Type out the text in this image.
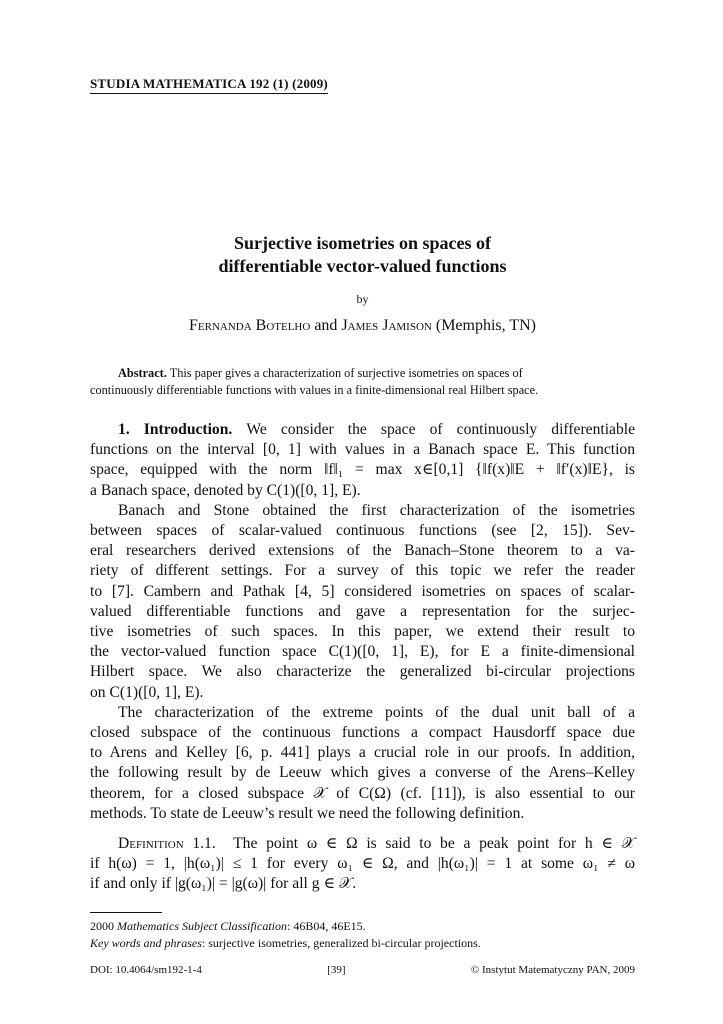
STUDIA MATHEMATICA 192 (1) (2009)
Surjective isometries on spaces of
differentiable vector-valued functions
by
Fernanda Botelho and James Jamison (Memphis, TN)
Abstract. This paper gives a characterization of surjective isometries on spaces of
continuously differentiable functions with values in a finite-dimensional real Hilbert space.
1. Introduction. We consider the space of continuously differentiable
functions on the interval [0, 1] with values in a Banach space E. This function
space, equipped with the norm ‖f‖₁ = max x∈[0,1] {‖f(x)‖E + ‖f′(x)‖E}, is
a Banach space, denoted by C(1)([0, 1], E).
Banach and Stone obtained the first characterization of the isometries
between spaces of scalar-valued continuous functions (see [2, 15]). Sev-
eral researchers derived extensions of the Banach–Stone theorem to a va-
riety of different settings. For a survey of this topic we refer the reader
to [7]. Cambern and Pathak [4, 5] considered isometries on spaces of scalar-
valued differentiable functions and gave a representation for the surjec-
tive isometries of such spaces. In this paper, we extend their result to
the vector-valued function space C(1)([0, 1], E), for E a finite-dimensional
Hilbert space. We also characterize the generalized bi-circular projections
on C(1)([0, 1], E).
The characterization of the extreme points of the dual unit ball of a
closed subspace of the continuous functions a compact Hausdorff space due
to Arens and Kelley [6, p. 441] plays a crucial role in our proofs. In addition,
the following result by de Leeuw which gives a converse of the Arens–Kelley
theorem, for a closed subspace 𝒳 of C(Ω) (cf. [11]), is also essential to our
methods. To state de Leeuw’s result we need the following definition.
Definition 1.1. The point ω ∈ Ω is said to be a peak point for h ∈ 𝒳
if h(ω) = 1, |h(ω₁)| ≤ 1 for every ω₁ ∈ Ω, and |h(ω₁)| = 1 at some ω₁ ≠ ω
if and only if |g(ω₁)| = |g(ω)| for all g ∈ 𝒳.
2000 Mathematics Subject Classification: 46B04, 46E15.
Key words and phrases: surjective isometries, generalized bi-circular projections.
DOI: 10.4064/sm192-1-4	[39]	© Instytut Matematyczny PAN, 2009
